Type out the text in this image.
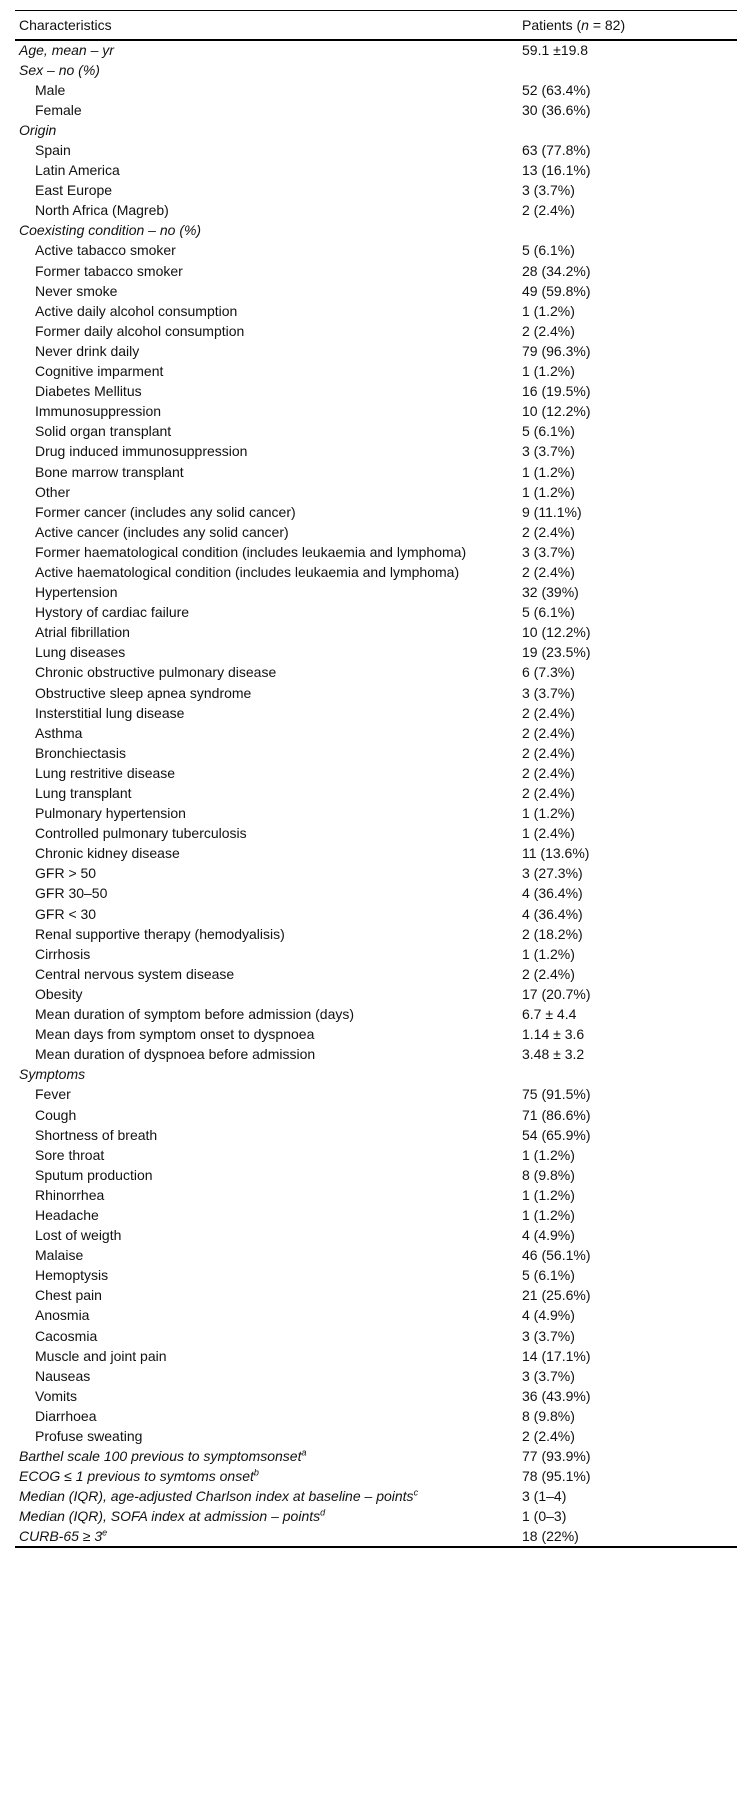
Characteristics	Patients (n = 82)
Age, mean – yr	59.1 ±19.8
Sex – no (%)	
Male	52 (63.4%)
Female	30 (36.6%)
Origin	
Spain	63 (77.8%)
Latin America	13 (16.1%)
East Europe	3 (3.7%)
North Africa (Magreb)	2 (2.4%)
Coexisting condition – no (%)	
Active tabacco smoker	5 (6.1%)
Former tabacco smoker	28 (34.2%)
Never smoke	49 (59.8%)
Active daily alcohol consumption	1 (1.2%)
Former daily alcohol consumption	2 (2.4%)
Never drink daily	79 (96.3%)
Cognitive imparment	1 (1.2%)
Diabetes Mellitus	16 (19.5%)
Immunosuppression	10 (12.2%)
Solid organ transplant	5 (6.1%)
Drug induced immunosuppression	3 (3.7%)
Bone marrow transplant	1 (1.2%)
Other	1 (1.2%)
Former cancer (includes any solid cancer)	9 (11.1%)
Active cancer (includes any solid cancer)	2 (2.4%)
Former haematological condition (includes leukaemia and lymphoma)	3 (3.7%)
Active haematological condition (includes leukaemia and lymphoma)	2 (2.4%)
Hypertension	32 (39%)
Hystory of cardiac failure	5 (6.1%)
Atrial fibrillation	10 (12.2%)
Lung diseases	19 (23.5%)
Chronic obstructive pulmonary disease	6 (7.3%)
Obstructive sleep apnea syndrome	3 (3.7%)
Insterstitial lung disease	2 (2.4%)
Asthma	2 (2.4%)
Bronchiectasis	2 (2.4%)
Lung restritive disease	2 (2.4%)
Lung transplant	2 (2.4%)
Pulmonary hypertension	1 (1.2%)
Controlled pulmonary tuberculosis	1 (2.4%)
Chronic kidney disease	11 (13.6%)
GFR > 50	3 (27.3%)
GFR 30–50	4 (36.4%)
GFR < 30	4 (36.4%)
Renal supportive therapy (hemodyalisis)	2 (18.2%)
Cirrhosis	1 (1.2%)
Central nervous system disease	2 (2.4%)
Obesity	17 (20.7%)
Mean duration of symptom before admission (days)	6.7 ± 4.4
Mean days from symptom onset to dyspnoea	1.14 ± 3.6
Mean duration of dyspnoea before admission	3.48 ± 3.2
Symptoms	
Fever	75 (91.5%)
Cough	71 (86.6%)
Shortness of breath	54 (65.9%)
Sore throat	1 (1.2%)
Sputum production	8 (9.8%)
Rhinorrhea	1 (1.2%)
Headache	1 (1.2%)
Lost of weigth	4 (4.9%)
Malaise	46 (56.1%)
Hemoptysis	5 (6.1%)
Chest pain	21 (25.6%)
Anosmia	4 (4.9%)
Cacosmia	3 (3.7%)
Muscle and joint pain	14 (17.1%)
Nauseas	3 (3.7%)
Vomits	36 (43.9%)
Diarrhoea	8 (9.8%)
Profuse sweating	2 (2.4%)
Barthel scale 100 previous to symptomsonset$^a$	77 (93.9%)
ECOG ≤ 1 previous to symtoms onset$^b$	78 (95.1%)
Median (IQR), age-adjusted Charlson index at baseline – points$^c$	3 (1–4)
Median (IQR), SOFA index at admission – points$^d$	1 (0–3)
CURB-65 ≥ $3^e$	18 (22%)
